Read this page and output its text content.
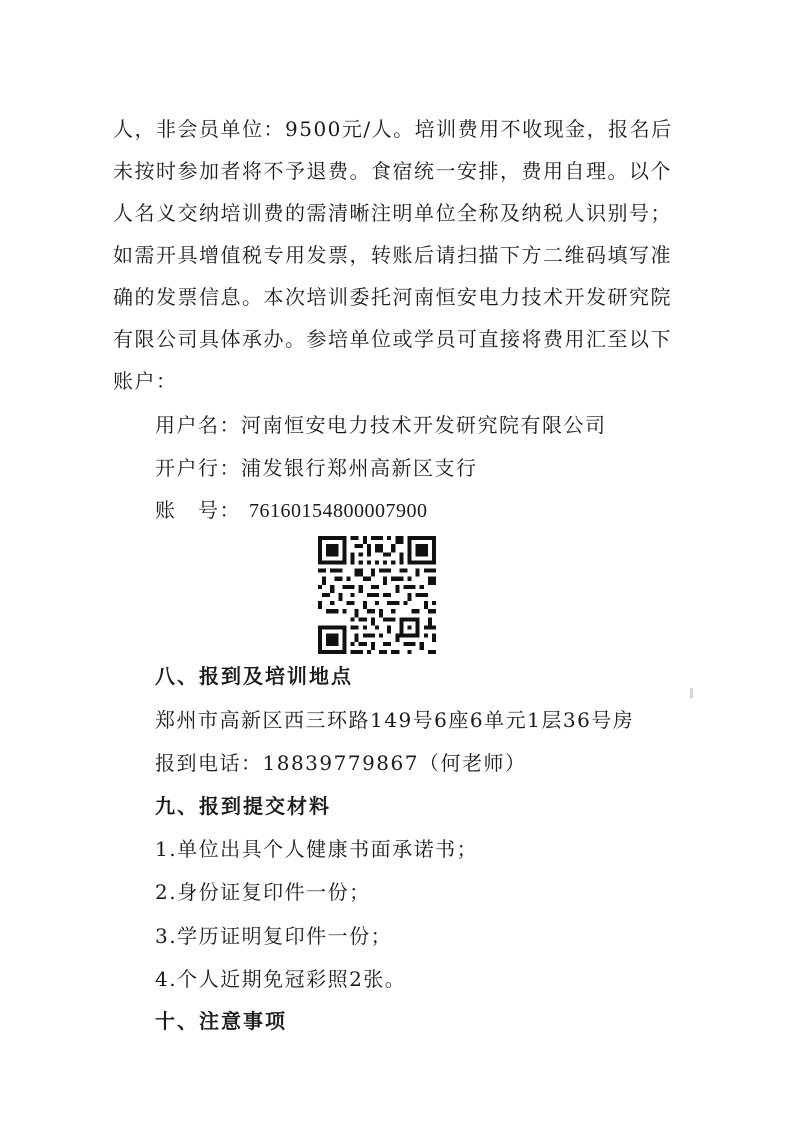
人，非会员单位：9500元/人。培训费用不收现金，报名后
未按时参加者将不予退费。食宿统一安排，费用自理。以个
人名义交纳培训费的需清晰注明单位全称及纳税人识别号；
如需开具增值税专用发票，转账后请扫描下方二维码填写准
确的发票信息。本次培训委托河南恒安电力技术开发研究院
有限公司具体承办。参培单位或学员可直接将费用汇至以下
账户：
用户名：河南恒安电力技术开发研究院有限公司
开户行：浦发银行郑州高新区支行
账　号： 76160154800007900
八、报到及培训地点
郑州市高新区西三环路149号6座6单元1层36号房
报到电话：18839779867（何老师）
九、报到提交材料
1.单位出具个人健康书面承诺书；
2.身份证复印件一份；
3.学历证明复印件一份；
4.个人近期免冠彩照2张。
十、注意事项
